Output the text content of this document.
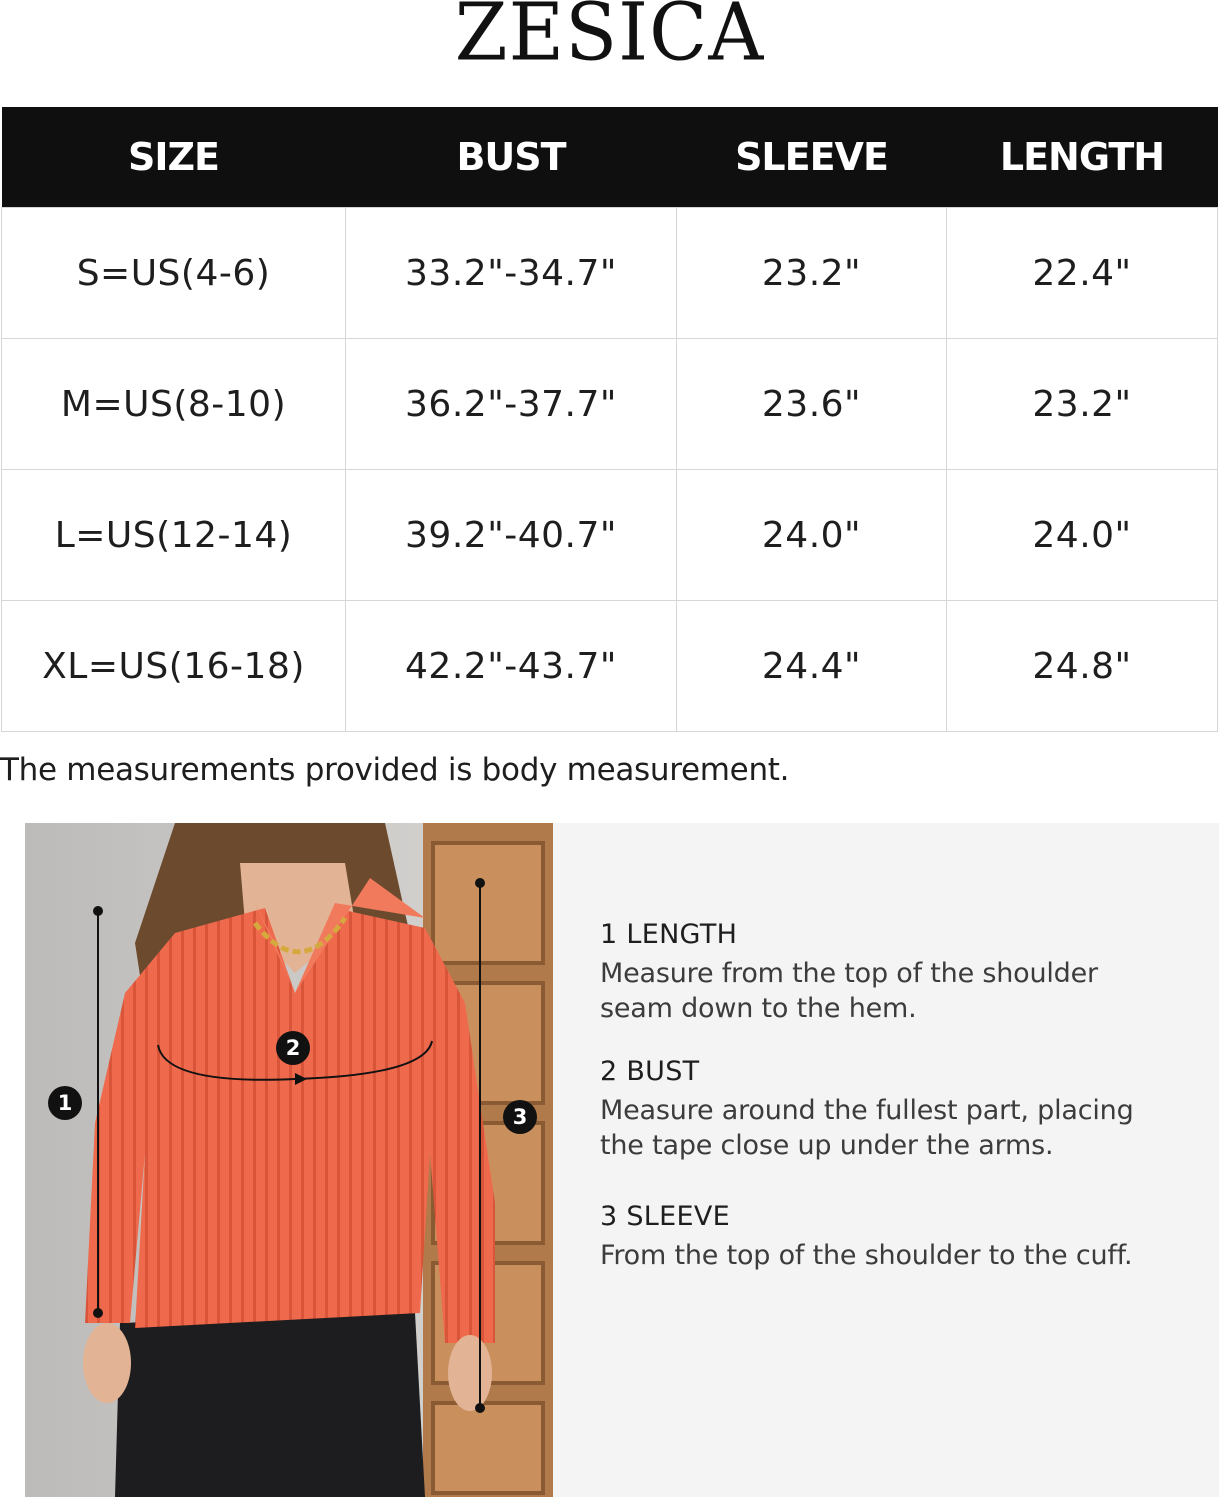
ZESICA
SIZE	BUST	SLEEVE	LENGTH
S=US(4-6)	33.2"-34.7"	23.2"	22.4"
M=US(8-10)	36.2"-37.7"	23.6"	23.2"
L=US(12-14)	39.2"-40.7"	24.0"	24.0"
XL=US(16-18)	42.2"-43.7"	24.4"	24.8"
The measurements provided is body measurement.
1
2
3
1 LENGTH
Measure from the top of the shoulder
seam down to the hem.
2 BUST
Measure around the fullest part, placing
the tape close up under the arms.
3 SLEEVE
From the top of the shoulder to the cuff.
